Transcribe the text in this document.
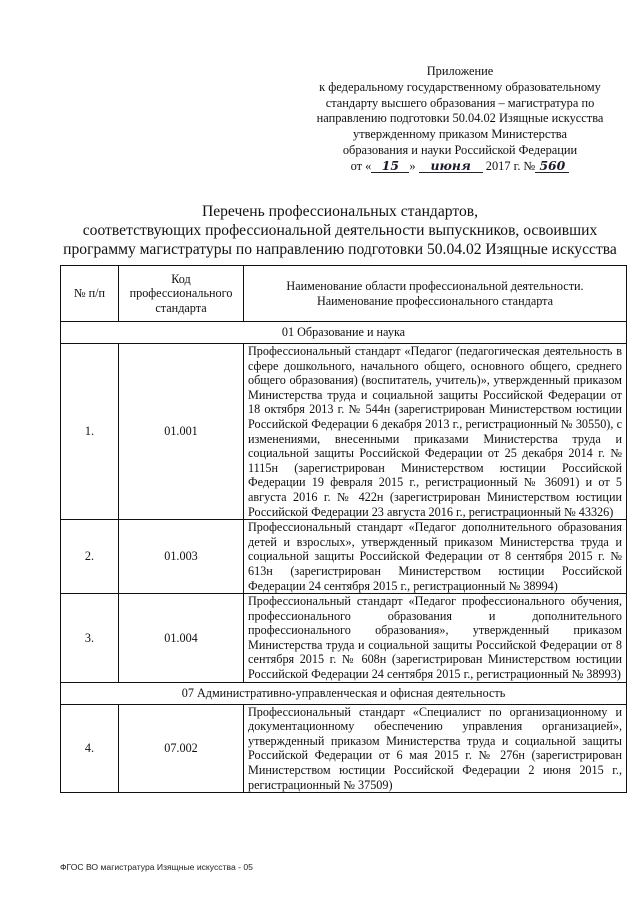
Приложение
к федеральному государственному образовательному
стандарту высшего образования – магистратура по
направлению подготовки 50.04.02 Изящные искусства
утвержденному приказом Министерства
образования и науки Российской Федерации
от « 15 » июня 2017 г. № 560
Перечень профессиональных стандартов,
соответствующих профессиональной деятельности выпускников, освоивших
программу магистратуры по направлению подготовки 50.04.02 Изящные искусства
№ п/п	Код профессионального стандарта	Наименование области профессиональной деятельности. Наименование профессионального стандарта
01 Образование и наука		
1.	01.001	Профессиональный стандарт «Педагог (педагогическая деятельность в сфере дошкольного, начального общего, основного общего, среднего общего образования) (воспитатель, учитель)», утвержденный приказом Министерства труда и социальной защиты Российской Федерации от 18 октября 2013 г. № 544н (зарегистрирован Министерством юстиции Российской Федерации 6 декабря 2013 г., регистрационный № 30550), с изменениями, внесенными приказами Министерства труда и социальной защиты Российской Федерации от 25 декабря 2014 г. № 1115н (зарегистрирован Министерством юстиции Российской Федерации 19 февраля 2015 г., регистрационный № 36091) и от 5 августа 2016 г. № 422н (зарегистрирован Министерством юстиции Российской Федерации 23 августа 2016 г., регистрационный № 43326)
2.	01.003	Профессиональный стандарт «Педагог дополнительного образования детей и взрослых», утвержденный приказом Министерства труда и социальной защиты Российской Федерации от 8 сентября 2015 г. № 613н (зарегистрирован Министерством юстиции Российской Федерации 24 сентября 2015 г., регистрационный № 38994)
3.	01.004	Профессиональный стандарт «Педагог профессионального обучения, профессионального образования и дополнительного профессионального образования», утвержденный приказом Министерства труда и социальной защиты Российской Федерации от 8 сентября 2015 г. № 608н (зарегистрирован Министерством юстиции Российской Федерации 24 сентября 2015 г., регистрационный № 38993)
07 Административно-управленческая и офисная деятельность		
4.	07.002	Профессиональный стандарт «Специалист по организационному и документационному обеспечению управления организацией», утвержденный приказом Министерства труда и социальной защиты Российской Федерации от 6 мая 2015 г. № 276н (зарегистрирован Министерством юстиции Российской Федерации 2 июня 2015 г., регистрационный № 37509)
ФГОС ВО магистратура Изящные искусства - 05
